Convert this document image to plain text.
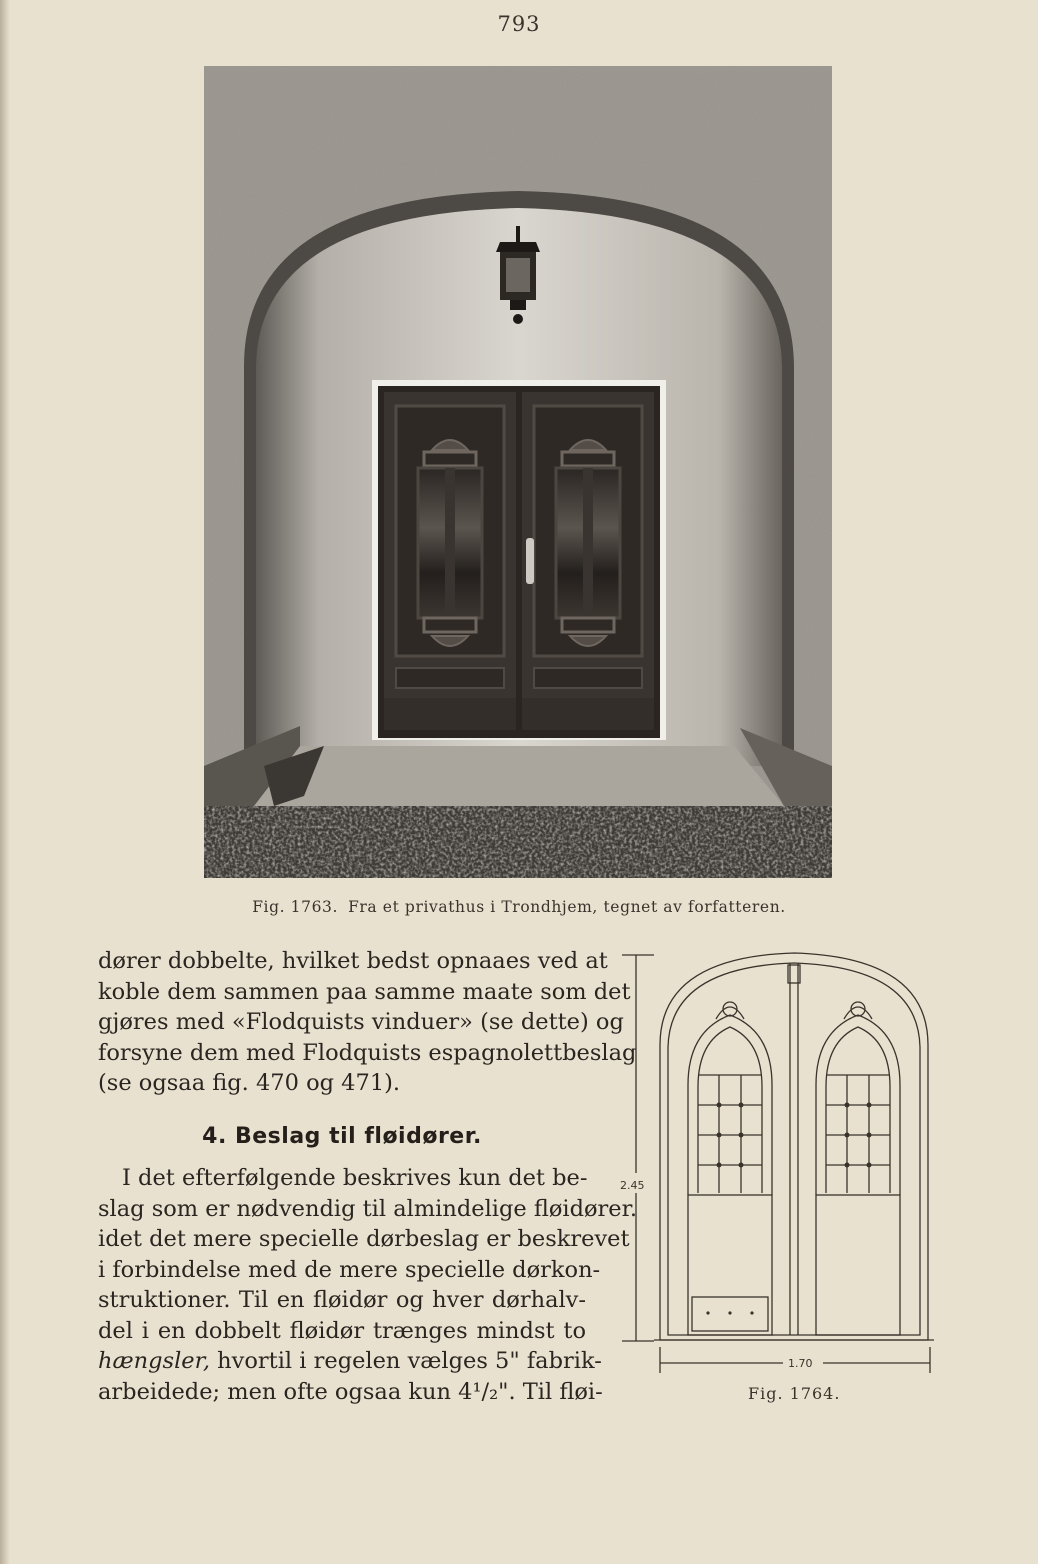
793
Fig. 1763. Fra et privathus i Trondhjem, tegnet av forfatteren.
dører dobbelte, hvilket bedst opnaaes ved at
koble dem sammen paa samme maate som det
gjøres med «Flodquists vinduer» (se dette) og
forsyne dem med Flodquists espagnolettbeslag
(se ogsaa fig. 470 og 471).
4. Beslag til fløidører.
I det efterfølgende beskrives kun det be-
slag som er nødvendig til almindelige fløidører.
idet det mere specielle dørbeslag er beskrevet
i forbindelse med de mere specielle dørkon-
struktioner. Til en fløidør og hver dørhalv-
del i en dobbelt fløidør trænges mindst to
hængsler, hvortil i regelen vælges 5" fabrik-
arbeidede; men ofte ogsaa kun 4¹/₂". Til fløi-
2.45
1.70
Fig. 1764.
